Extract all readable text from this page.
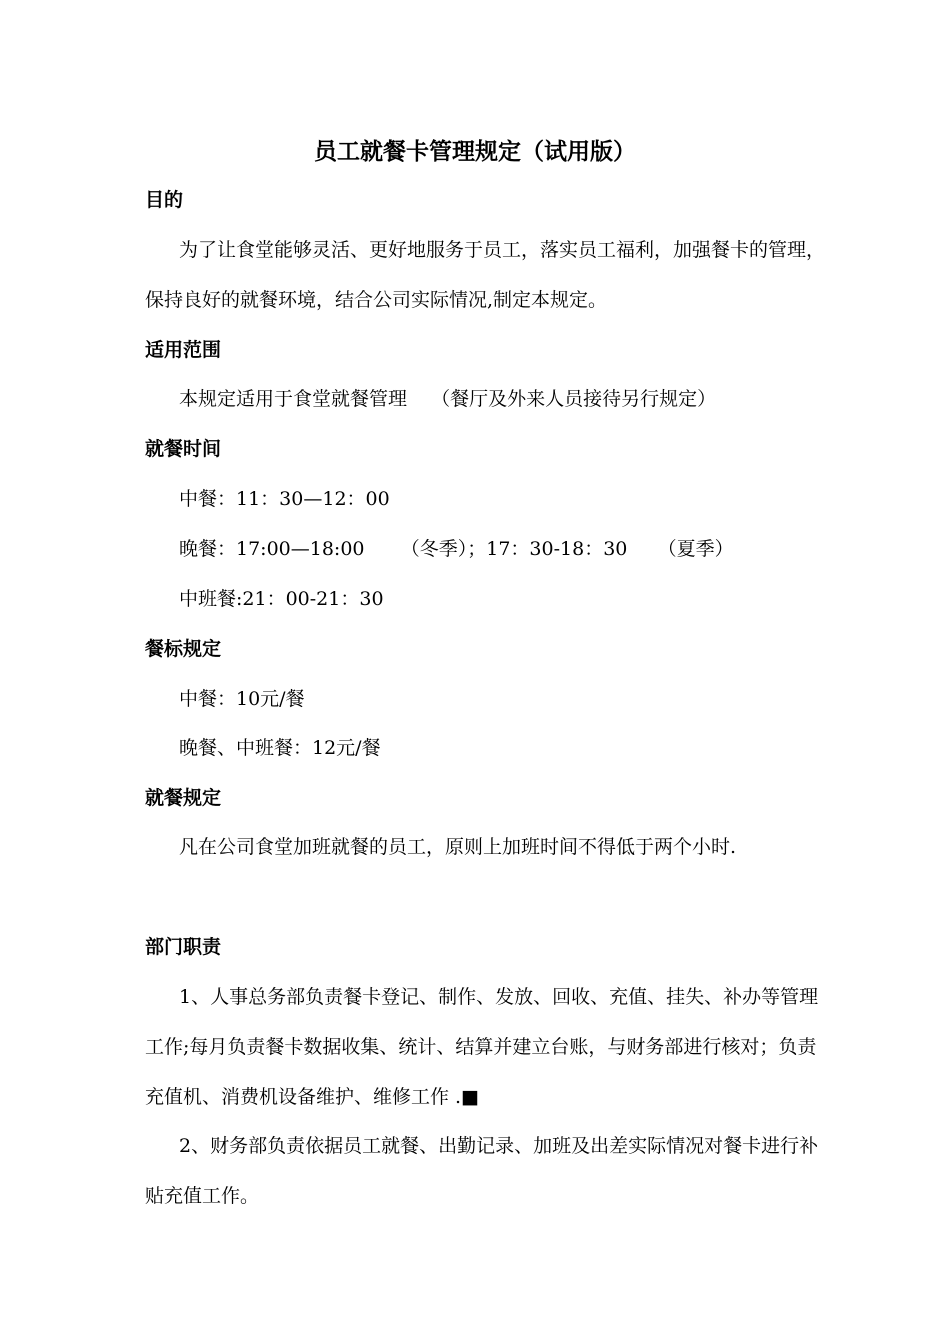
员工就餐卡管理规定（试用版）
目的
为了让食堂能够灵活、更好地服务于员工，落实员工福利，加强餐卡的管理，保持良好的就餐环境，结合公司实际情况,制定本规定。
适用范围
本规定适用于食堂就餐管理    （餐厅及外来人员接待另行规定）
就餐时间
中餐：11：30—12：00
晚餐：17:00—18:00      （冬季）；17：30-18：30     （夏季）
中班餐:21：00-21：30
餐标规定
中餐：10元/餐
晚餐、中班餐：12元/餐
就餐规定
凡在公司食堂加班就餐的员工，原则上加班时间不得低于两个小时.
部门职责
1、人事总务部负责餐卡登记、制作、发放、回收、充值、挂失、补办等管理工作;每月负责餐卡数据收集、统计、结算并建立台账，与财务部进行核对；负责充值机、消费机设备维护、维修工作 .■
2、财务部负责依据员工就餐、出勤记录、加班及出差实际情况对餐卡进行补贴充值工作。
